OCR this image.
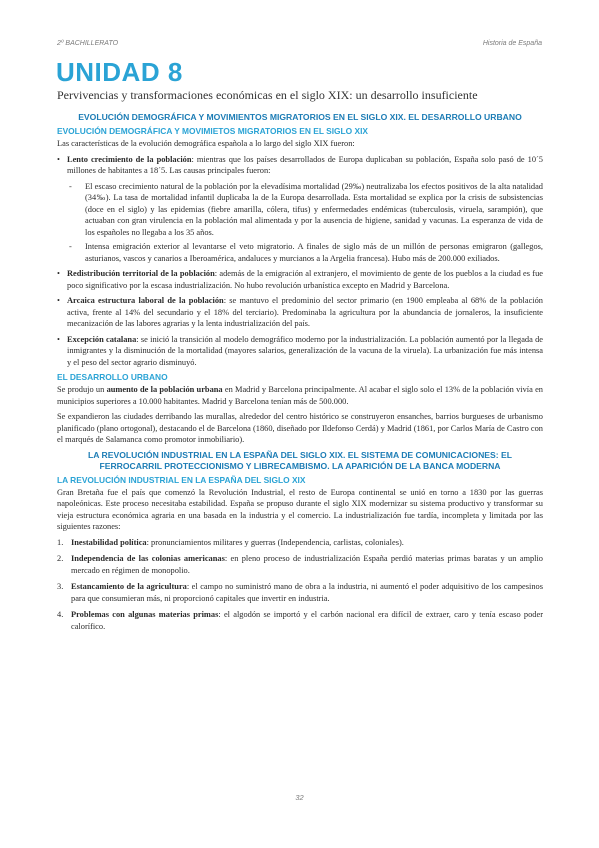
2º BACHILLERATO	Historia de España
UNIDAD 8
Pervivencias y transformaciones económicas en el siglo XIX: un desarrollo insuficiente
EVOLUCIÓN DEMOGRÁFICA Y MOVIMIENTOS MIGRATORIOS EN EL SIGLO XIX. EL DESARROLLO URBANO
EVOLUCIÓN DEMOGRÁFICA Y MOVIMIETOS MIGRATORIOS EN EL SIGLO XIX

Las características de la evolución demográfica española a lo largo del siglo XIX fueron:

• Lento crecimiento de la población: mientras que los países desarrollados de Europa duplicaban su población, España solo pasó de 10´5 millones de habitantes a 18´5. Las causas principales fueron:
- El escaso crecimiento natural de la población por la elevadísima mortalidad (29‰) neutralizaba los efectos positivos de la alta natalidad (34‰). La tasa de mortalidad infantil duplicaba la de la Europa desarrollada. Esta mortalidad se explica por la crisis de subsistencias (doce en el siglo) y las epidemias (fiebre amarilla, cólera, tifus) y enfermedades endémicas (tuberculosis, viruela, sarampión), que actuaban con gran virulencia en la población mal alimentada y por la ausencia de higiene, sanidad y vacunas. La esperanza de vida de los españoles no llegaba a los 35 años.
- Intensa emigración exterior al levantarse el veto migratorio. A finales de siglo más de un millón de personas emigraron (gallegos, asturianos, vascos y canarios a Iberoamérica, andaluces y murcianos a la Argelia francesa). Hubo más de 200.000 exiliados.
• Redistribución territorial de la población: además de la emigración al extranjero, el movimiento de gente de los pueblos a la ciudad es fue poco significativo por la escasa industrialización. No hubo revolución urbanística excepto en Madrid y Barcelona.
• Arcaica estructura laboral de la población: se mantuvo el predominio del sector primario (en 1900 empleaba al 68% de la población activa, frente al 14% del secundario y el 18% del terciario). Predominaba la agricultura por la abundancia de jornaleros, la insuficiente mecanización de las labores agrarias y la lenta industrialización del país.
• Excepción catalana: se inició la transición al modelo demográfico moderno por la industrialización. La población aumentó por la llegada de inmigrantes y la disminución de la mortalidad (mayores salarios, generalización de la vacuna de la viruela). La urbanización fue más intensa y el peso del sector agrario disminuyó.
EL DESARROLLO URBANO

Se produjo un aumento de la población urbana en Madrid y Barcelona principalmente. Al acabar el siglo solo el 13% de la población vivía en municipios superiores a 10.000 habitantes. Madrid y Barcelona tenían más de 500.000.

Se expandieron las ciudades derribando las murallas, alrededor del centro histórico se construyeron ensanches, barrios burgueses de urbanismo planificado (plano ortogonal), destacando el de Barcelona (1860, diseñado por Ildefonso Cerdá) y Madrid (1861, por Carlos María de Castro con el marqués de Salamanca como promotor inmobiliario).

LA REVOLUCIÓN INDUSTRIAL EN LA ESPAÑA DEL SIGLO XIX. EL SISTEMA DE COMUNICACIONES: EL FERROCARRIL PROTECCIONISMO Y LIBRECAMBISMO. LA APARICIÓN DE LA BANCA MODERNA
LA REVOLUCIÓN INDUSTRIAL EN LA ESPAÑA DEL SIGLO XIX

Gran Bretaña fue el país que comenzó la Revolución Industrial, el resto de Europa continental se unió en torno a 1830 por las guerras napoleónicas. Este proceso necesitaba estabilidad. España se propuso durante el siglo XIX modernizar su sistema productivo y transformar su vieja estructura económica agraria en una basada en la industria y el comercio. La industrialización fue tardía, incompleta y limitada por las siguientes razones:

1. Inestabilidad política: pronunciamientos militares y guerras (Independencia, carlistas, coloniales).
2. Independencia de las colonias americanas: en pleno proceso de industrialización España perdió materias primas baratas y un amplio mercado en régimen de monopolio.
3. Estancamiento de la agricultura: el campo no suministró mano de obra a la industria, ni aumentó el poder adquisitivo de los campesinos para que consumieran más, ni proporcionó capitales que invertir en industria.
4. Problemas con algunas materias primas: el algodón se importó y el carbón nacional era difícil de extraer, caro y tenía escaso poder calorífico.
32
